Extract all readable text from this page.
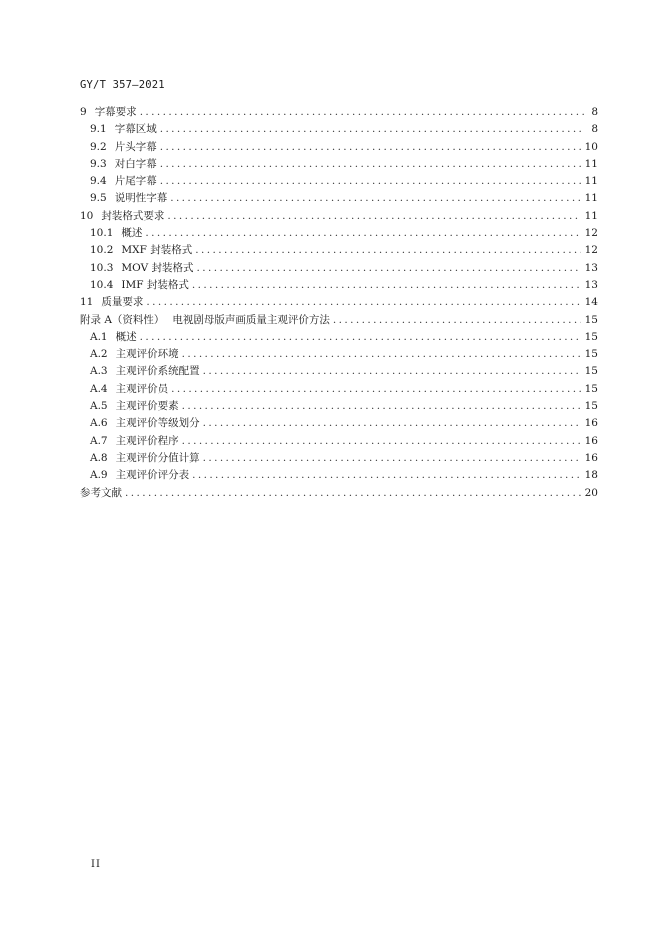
GY/T 357—2021
9 字幕要求 .....	8
9.1 字幕区域 .....	8
9.2 片头字幕 .....	10
9.3 对白字幕 .....	11
9.4 片尾字幕 .....	11
9.5 说明性字幕 .....	11
10 封装格式要求 .....	11
10.1 概述 .....	12
10.2 MXF 封装格式 .....	12
10.3 MOV 封装格式 .....	13
10.4 IMF 封装格式 .....	13
11 质量要求 .....	14
附录 A（资料性） 电视剧母版声画质量主观评价方法 .....	15
A.1 概述 .....	15
A.2 主观评价环境 .....	15
A.3 主观评价系统配置 .....	15
A.4 主观评价员 .....	15
A.5 主观评价要素 .....	15
A.6 主观评价等级划分 .....	16
A.7 主观评价程序 .....	16
A.8 主观评价分值计算 .....	16
A.9 主观评价评分表 .....	18
参考文献 .....	20
II
